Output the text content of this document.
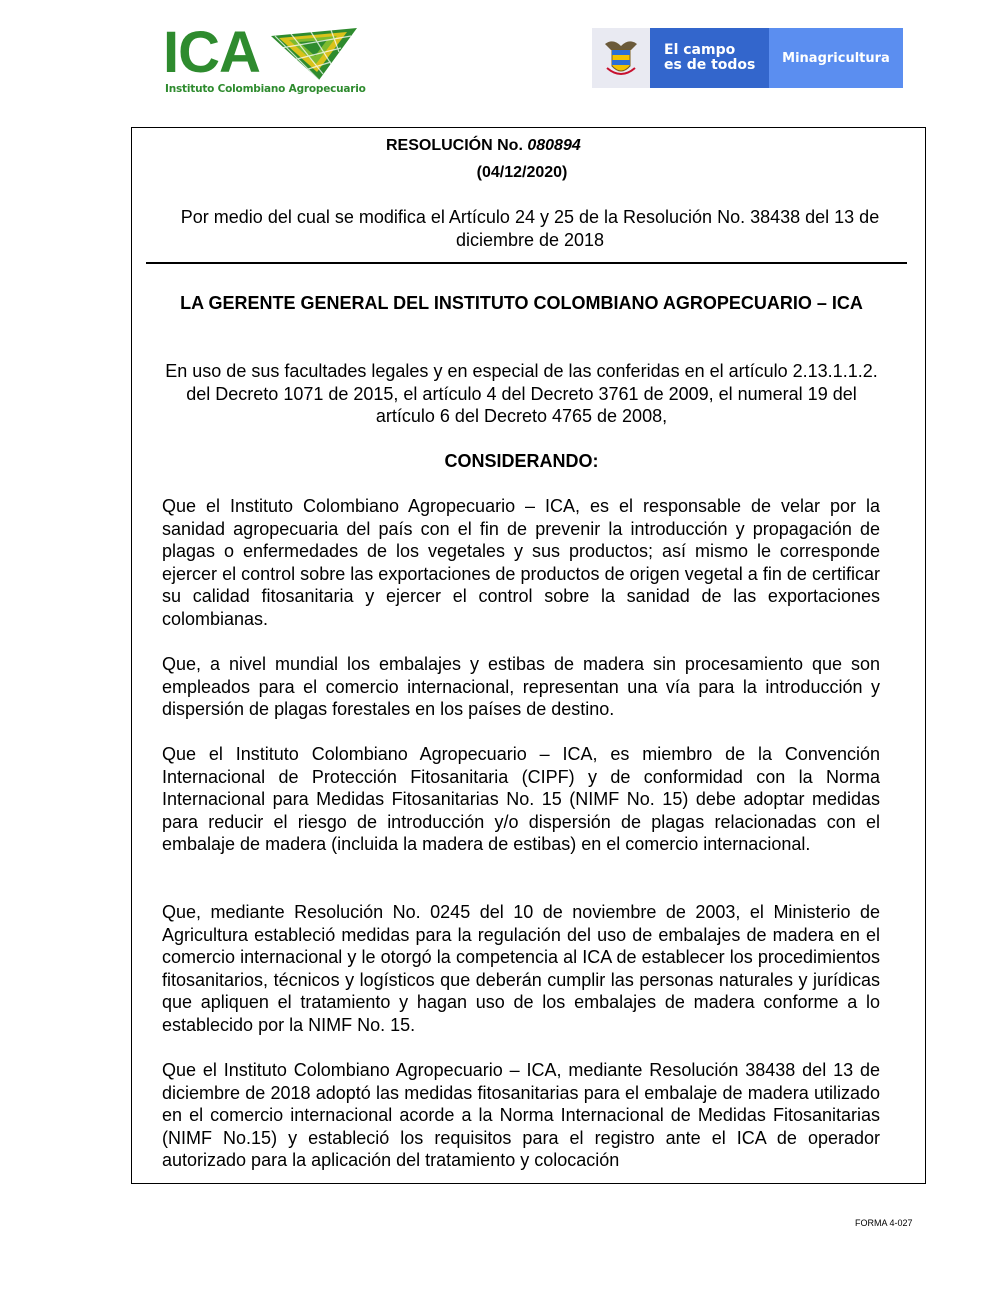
ICA
Instituto Colombiano Agropecuario
El campo
es de todos	Minagricultura
RESOLUCIÓN No. 080894
(04/12/2020)
Por medio del cual se modifica el Artículo 24 y 25 de la Resolución No. 38438 del 13 de diciembre de 2018
LA GERENTE GENERAL DEL INSTITUTO COLOMBIANO AGROPECUARIO – ICA
En uso de sus facultades legales y en especial de las conferidas en el artículo 2.13.1.1.2. del Decreto 1071 de 2015, el artículo 4 del Decreto 3761 de 2009, el numeral 19 del artículo 6 del Decreto 4765 de 2008,
CONSIDERANDO:

Que el Instituto Colombiano Agropecuario – ICA, es el responsable de velar por la sanidad agropecuaria del país con el fin de prevenir la introducción y propagación de plagas o enfermedades de los vegetales y sus productos; así mismo le corresponde ejercer el control sobre las exportaciones de productos de origen vegetal a fin de certificar su calidad fitosanitaria y ejercer el control sobre la sanidad de las exportaciones colombianas.

Que, a nivel mundial los embalajes y estibas de madera sin procesamiento que son empleados para el comercio internacional, representan una vía para la introducción y dispersión de plagas forestales en los países de destino.

Que el Instituto Colombiano Agropecuario – ICA, es miembro de la Convención Internacional de Protección Fitosanitaria (CIPF) y de conformidad con la Norma Internacional para Medidas Fitosanitarias No. 15 (NIMF No. 15) debe adoptar medidas para reducir el riesgo de introducción y/o dispersión de plagas relacionadas con el embalaje de madera (incluida la madera de estibas) en el comercio internacional.

Que, mediante Resolución No. 0245 del 10 de noviembre de 2003, el Ministerio de Agricultura estableció medidas para la regulación del uso de embalajes de madera en el comercio internacional y le otorgó la competencia al ICA de establecer los procedimientos fitosanitarios, técnicos y logísticos que deberán cumplir las personas naturales y jurídicas que apliquen el tratamiento y hagan uso de los embalajes de madera conforme a lo establecido por la NIMF No. 15.

Que el Instituto Colombiano Agropecuario – ICA, mediante Resolución 38438 del 13 de diciembre de 2018 adoptó las medidas fitosanitarias para el embalaje de madera utilizado en el comercio internacional acorde a la Norma Internacional de Medidas Fitosanitarias (NIMF No.15) y estableció los requisitos para el registro ante el ICA de operador autorizado para la aplicación del tratamiento y colocación

FORMA 4-027
